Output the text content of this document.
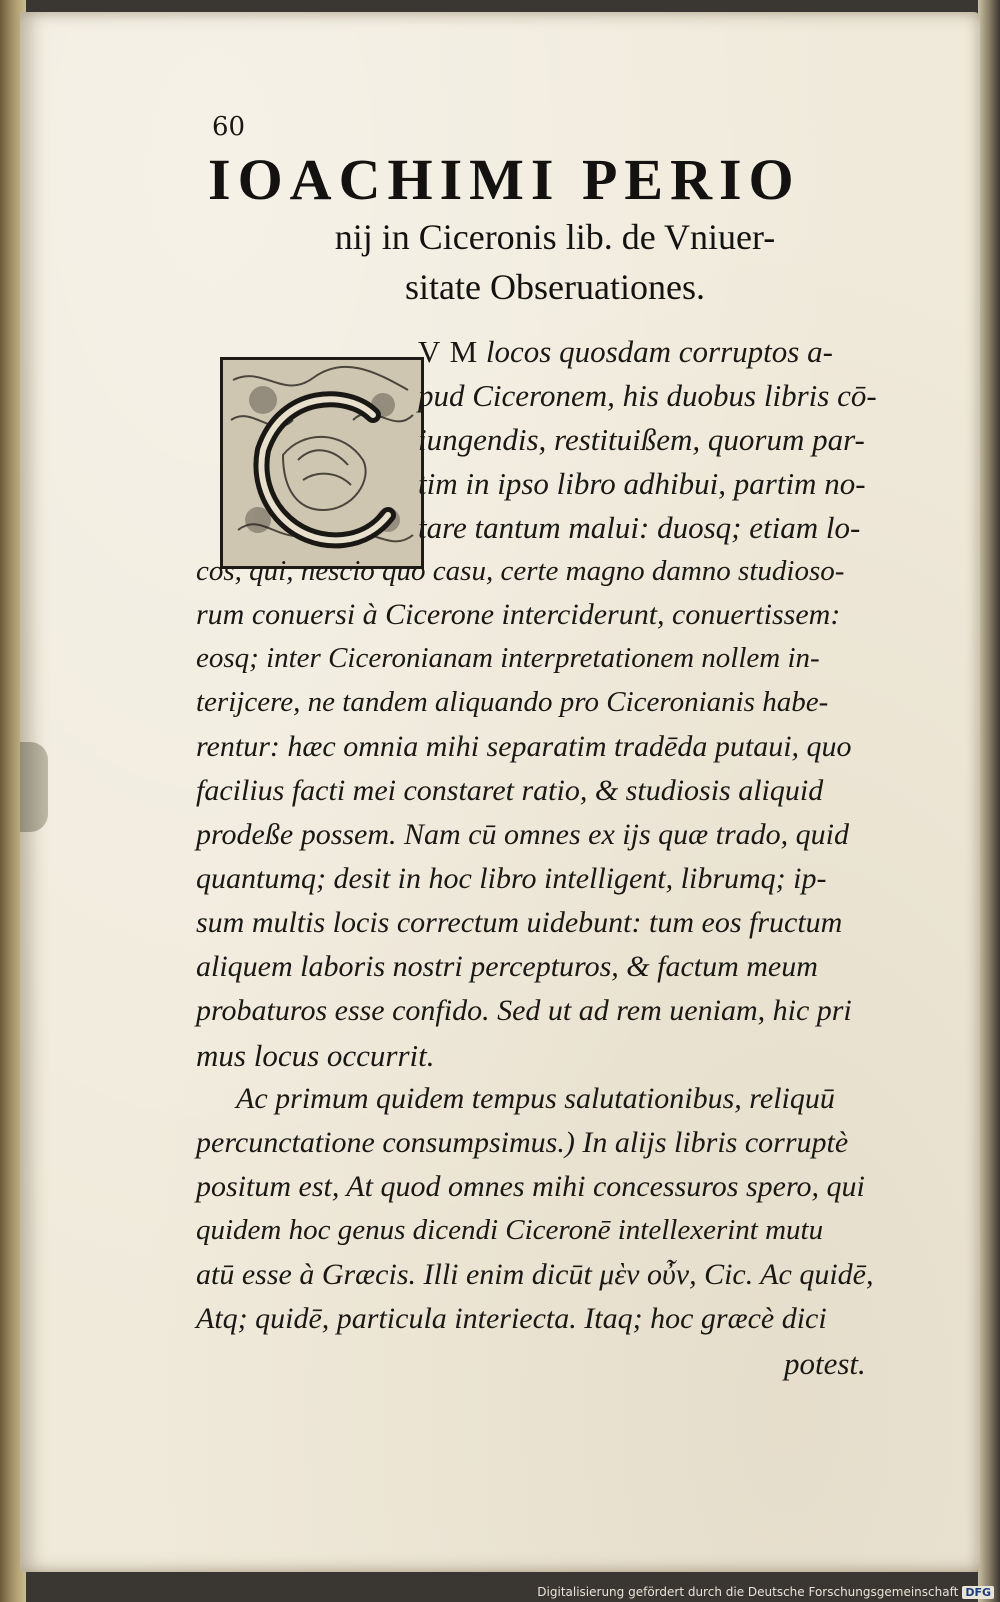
60
IOACHIMI PERIO
nij in Ciceronis lib. de Vniuer-
sitate Obseruationes.
V M locos quosdam corruptos a-
pud Ciceronem, his duobus libris cō-
iungendis, restituißem, quorum par-
tim in ipso libro adhibui, partim no-
tare tantum malui: duosq; etiam lo-
cos, qui, nescio quo casu, certe magno damno studioso-
rum conuersi à Cicerone interciderunt, conuertissem:
eosq; inter Ciceronianam interpretationem nollem in-
terijcere, ne tandem aliquando pro Ciceronianis habe-
rentur: hæc omnia mihi separatim tradēda putaui, quo
facilius facti mei constaret ratio, & studiosis aliquid
prodeße possem. Nam cū omnes ex ijs quæ trado, quid
quantumq; desit in hoc libro intelligent, librumq; ip-
sum multis locis correctum uidebunt: tum eos fructum
aliquem laboris nostri percepturos, & factum meum
probaturos esse confido. Sed ut ad rem ueniam, hic pri
mus locus occurrit.
Ac primum quidem tempus salutationibus, reliquū
percunctatione consumpsimus.) In alijs libris corruptè
positum est, At quod omnes mihi concessuros spero, qui
quidem hoc genus dicendi Ciceronē intellexerint mutu
atū esse à Græcis. Illi enim dicūt μὲν οὖν, Cic. Ac quidē,
Atq; quidē, particula interiecta. Itaq; hoc græcè dici
potest.
Digitalisierung gefördert durch die Deutsche Forschungsgemeinschaft DFG
